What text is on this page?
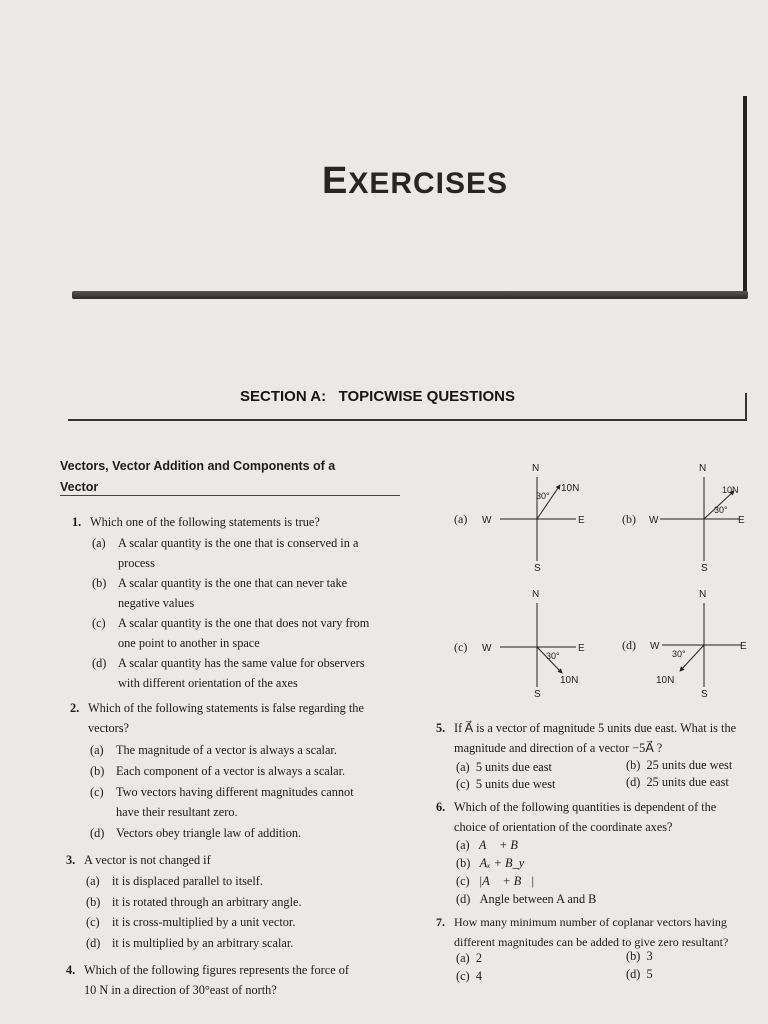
EXERCISES
SECTION A:   TOPICWISE QUESTIONS
Vectors, Vector Addition and Components of a
Vector
1. Which one of the following statements is true?
(a) A scalar quantity is the one that is conserved in a
process
(b) A scalar quantity is the one that can never take
negative values
(c) A scalar quantity is the one that does not vary from
one point to another in space
(d) A scalar quantity has the same value for observers
with different orientation of the axes
2. Which of the following statements is false regarding the
vectors?
(a) The magnitude of a vector is always a scalar.
(b) Each component of a vector is always a scalar.
(c) Two vectors having different magnitudes cannot
have their resultant zero.
(d) Vectors obey triangle law of addition.
3. A vector is not changed if
(a) it is displaced parallel to itself.
(b) it is rotated through an arbitrary angle.
(c) it is cross-multiplied by a unit vector.
(d) it is multiplied by an arbitrary scalar.
4. Which of the following figures represents the force of
10 N in a direction of 30°east of north?
(a)
N
S
E
W
30°
10N
(b)
N
S
E
W
30°
10N
(c)
N
S
E
W
30°
10N
(d)
N
S
E
W
30°
10N
5. If A⃗ is a vector of magnitude 5 units due east. What is the
magnitude and direction of a vector −5A⃗ ?
(a) 5 units due east	(b) 25 units due west
(c) 5 units due west	(d) 25 units due east
6. Which of the following quantities is dependent of the
choice of orientation of the coordinate axes?
(a) A⃗ + B⃗
(b) Aₓ + B_y
(c) |A⃗ + B⃗|
(d) Angle between A and B
7. How many minimum number of coplanar vectors having
different magnitudes can be added to give zero resultant?
(a) 2	(b) 3
(c) 4	(d) 5
